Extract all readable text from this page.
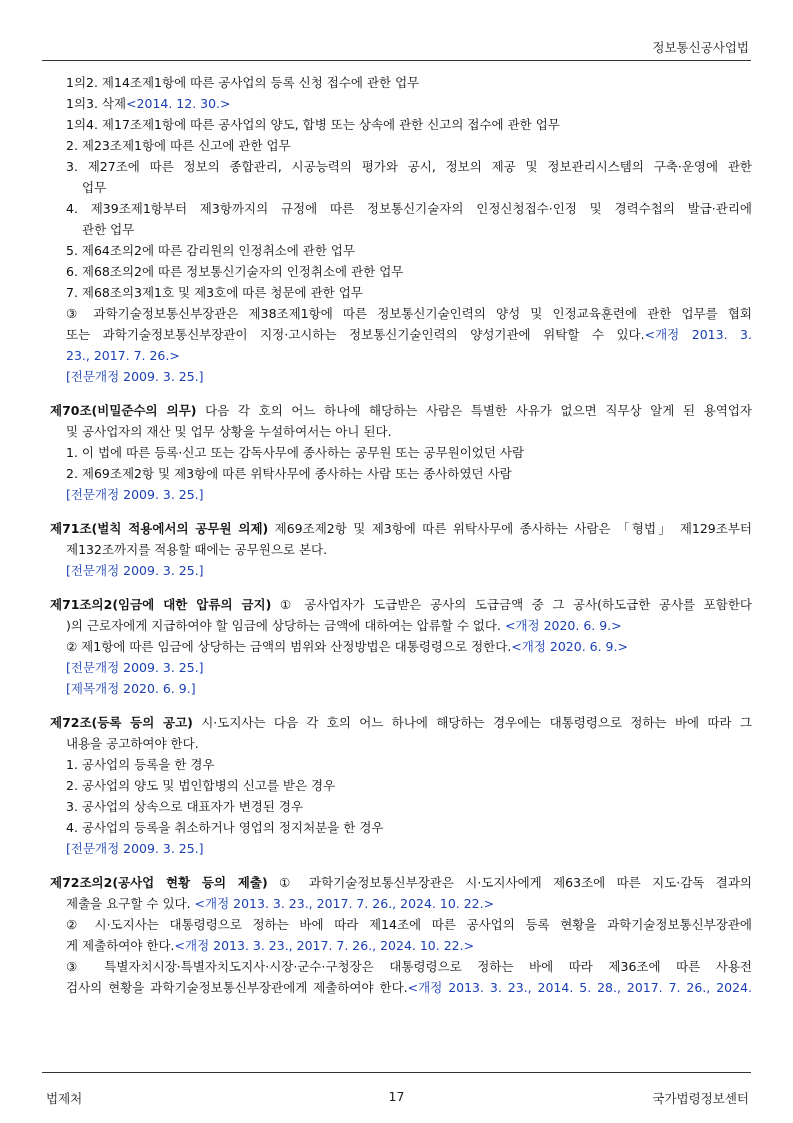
정보통신공사업법
1의2. 제14조제1항에 따른 공사업의 등록 신청 접수에 관한 업무
1의3. 삭제<2014. 12. 30.>
1의4. 제17조제1항에 따른 공사업의 양도, 합병 또는 상속에 관한 신고의 접수에 관한 업무
2. 제23조제1항에 따른 신고에 관한 업무
3. 제27조에 따른 정보의 종합관리, 시공능력의 평가와 공시, 정보의 제공 및 정보관리시스템의 구축·운영에 관한
업무
4. 제39조제1항부터 제3항까지의 규정에 따른 정보통신기술자의 인정신청접수·인정 및 경력수첩의 발급·관리에
관한 업무
5. 제64조의2에 따른 감리원의 인정취소에 관한 업무
6. 제68조의2에 따른 정보통신기술자의 인정취소에 관한 업무
7. 제68조의3제1호 및 제3호에 따른 청문에 관한 업무
③ 과학기술정보통신부장관은 제38조제1항에 따른 정보통신기술인력의 양성 및 인정교육훈련에 관한 업무를 협회
또는 과학기술정보통신부장관이 지정·고시하는 정보통신기술인력의 양성기관에 위탁할 수 있다.<개정 2013. 3.
23., 2017. 7. 26.>
[전문개정 2009. 3. 25.]
제70조(비밀준수의 의무) 다음 각 호의 어느 하나에 해당하는 사람은 특별한 사유가 없으면 직무상 알게 된 용역업자
및 공사업자의 재산 및 업무 상황을 누설하여서는 아니 된다.
1. 이 법에 따른 등록·신고 또는 감독사무에 종사하는 공무원 또는 공무원이었던 사람
2. 제69조제2항 및 제3항에 따른 위탁사무에 종사하는 사람 또는 종사하였던 사람
[전문개정 2009. 3. 25.]
제71조(벌칙 적용에서의 공무원 의제) 제69조제2항 및 제3항에 따른 위탁사무에 종사하는 사람은 「형법」 제129조부터
제132조까지를 적용할 때에는 공무원으로 본다.
[전문개정 2009. 3. 25.]
제71조의2(임금에 대한 압류의 금지) ① 공사업자가 도급받은 공사의 도급금액 중 그 공사(하도급한 공사를 포함한다
)의 근로자에게 지급하여야 할 임금에 상당하는 금액에 대하여는 압류할 수 없다. <개정 2020. 6. 9.>
② 제1항에 따른 임금에 상당하는 금액의 범위와 산정방법은 대통령령으로 정한다.<개정 2020. 6. 9.>
[전문개정 2009. 3. 25.]
[제목개정 2020. 6. 9.]
제72조(등록 등의 공고) 시·도지사는 다음 각 호의 어느 하나에 해당하는 경우에는 대통령령으로 정하는 바에 따라 그
내용을 공고하여야 한다.
1. 공사업의 등록을 한 경우
2. 공사업의 양도 및 법인합병의 신고를 받은 경우
3. 공사업의 상속으로 대표자가 변경된 경우
4. 공사업의 등록을 취소하거나 영업의 정지처분을 한 경우
[전문개정 2009. 3. 25.]
제72조의2(공사업 현황 등의 제출) ① 과학기술정보통신부장관은 시·도지사에게 제63조에 따른 지도·감독 결과의
제출을 요구할 수 있다. <개정 2013. 3. 23., 2017. 7. 26., 2024. 10. 22.>
② 시·도지사는 대통령령으로 정하는 바에 따라 제14조에 따른 공사업의 등록 현황을 과학기술정보통신부장관에
게 제출하여야 한다.<개정 2013. 3. 23., 2017. 7. 26., 2024. 10. 22.>
③ 특별자치시장·특별자치도지사·시장·군수·구청장은 대통령령으로 정하는 바에 따라 제36조에 따른 사용전
검사의 현황을 과학기술정보통신부장관에게 제출하여야 한다.<개정 2013. 3. 23., 2014. 5. 28., 2017. 7. 26., 2024.
법제처	17	국가법령정보센터
